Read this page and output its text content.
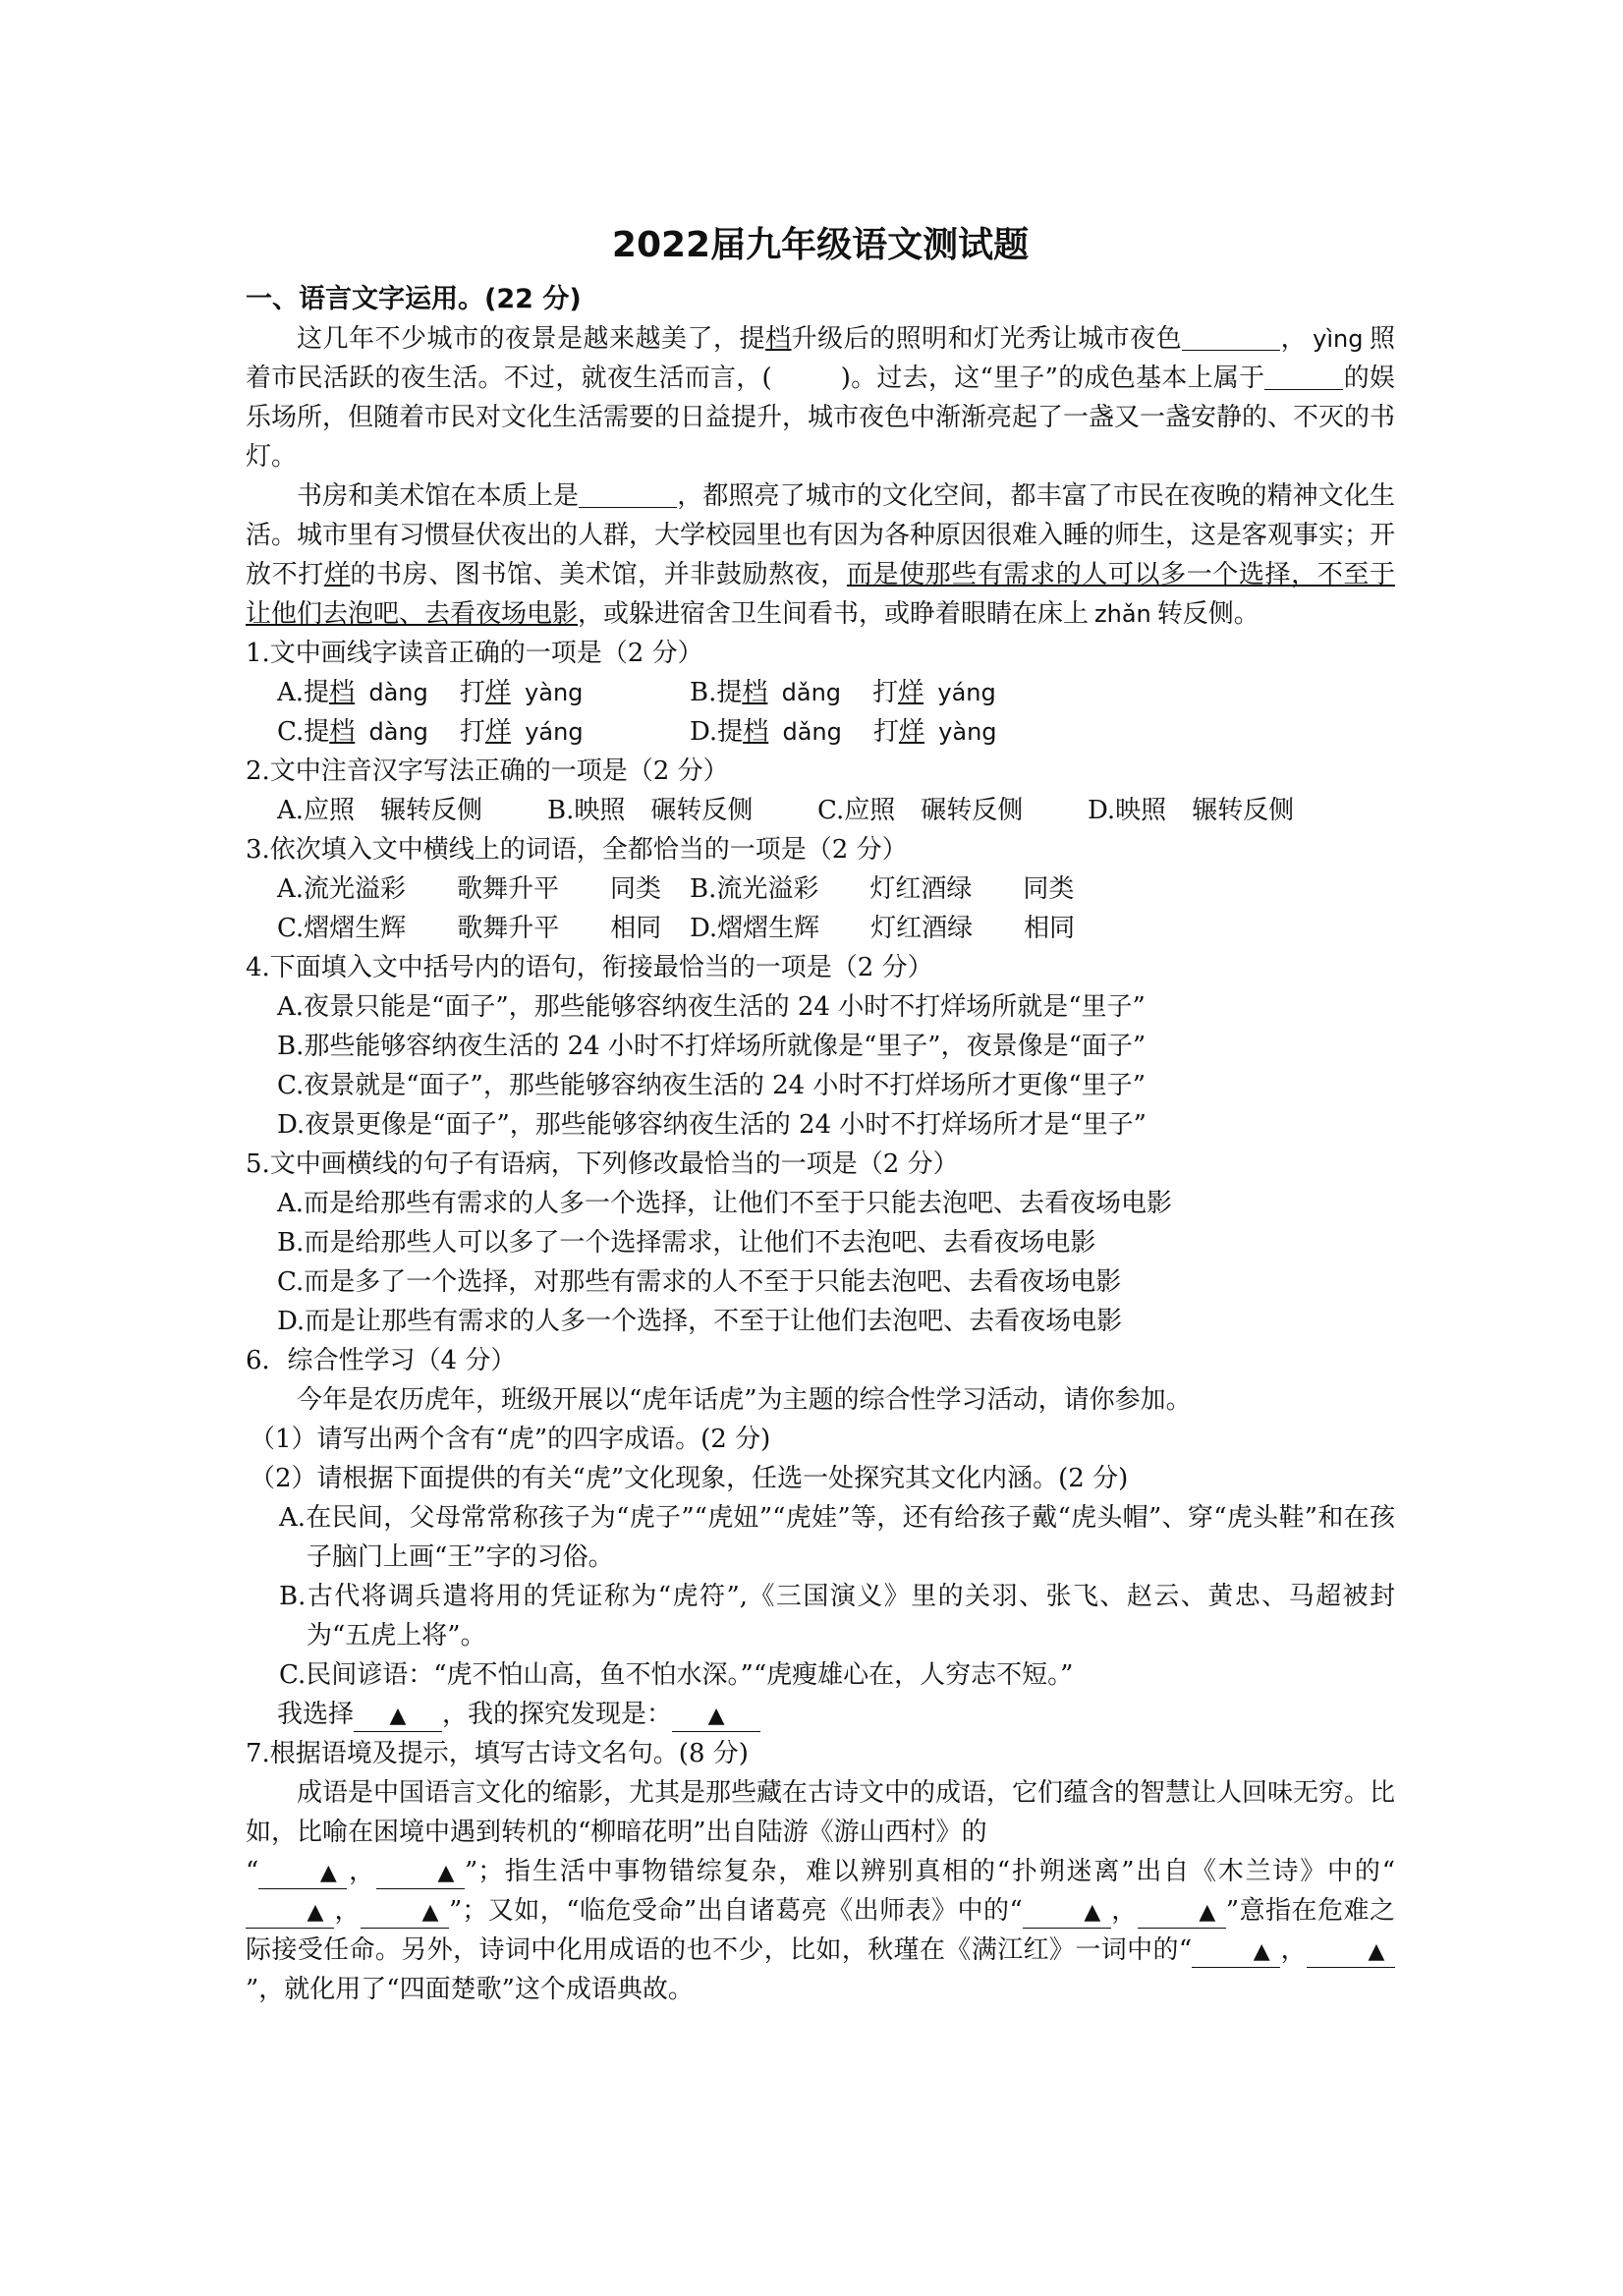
2022届九年级语文测试题
一、语言文字运用。(22 分)

这几年不少城市的夜景是越来越美了，提档升级后的照明和灯光秀让城市夜色	， yìng 照着市民活跃的夜生活。不过，就夜生活而言，(	)。过去，这“里子”的成色基本上属于	的娱乐场所，但随着市民对文化生活需要的日益提升，城市夜色中渐渐亮起了一盏又一盏安静的、不灭的书灯。

书房和美术馆在本质上是	，都照亮了城市的文化空间，都丰富了市民在夜晚的精神文化生活。城市里有习惯昼伏夜出的人群，大学校园里也有因为各种原因很难入睡的师生，这是客观事实；开放不打烊的书房、图书馆、美术馆，并非鼓励熬夜，而是使那些有需求的人可以多一个选择，不至于让他们去泡吧、去看夜场电影，或躲进宿舍卫生间看书，或睁着眼睛在床上 zhǎn 转反侧。

1.文中画线字读音正确的一项是（2 分）

A.提档 dàng　 打烊 yàng	B.提档 dǎng　 打烊 yáng
C.提档 dàng　 打烊 yáng	D.提档 dǎng　 打烊 yàng

2.文中注音汉字写法正确的一项是（2 分）

A.应照　辗转反侧	B.映照　碾转反侧	C.应照　碾转反侧	D.映照　辗转反侧

3.依次填入文中横线上的词语，全都恰当的一项是（2 分）

A.流光溢彩　　歌舞升平　　同类	B.流光溢彩　　灯红酒绿　　同类
C.熠熠生辉　　歌舞升平　　相同	D.熠熠生辉　　灯红酒绿　　相同

4.下面填入文中括号内的语句，衔接最恰当的一项是（2 分）

A.夜景只能是“面子”，那些能够容纳夜生活的 24 小时不打烊场所就是“里子”
B.那些能够容纳夜生活的 24 小时不打烊场所就像是“里子”，夜景像是“面子”
C.夜景就是“面子”，那些能够容纳夜生活的 24 小时不打烊场所才更像“里子”
D.夜景更像是“面子”，那些能够容纳夜生活的 24 小时不打烊场所才是“里子”

5.文中画横线的句子有语病，下列修改最恰当的一项是（2 分）

A.而是给那些有需求的人多一个选择，让他们不至于只能去泡吧、去看夜场电影
B.而是给那些人可以多了一个选择需求，让他们不去泡吧、去看夜场电影
C.而是多了一个选择，对那些有需求的人不至于只能去泡吧、去看夜场电影
D.而是让那些有需求的人多一个选择，不至于让他们去泡吧、去看夜场电影

6．综合性学习（4 分）

今年是农历虎年，班级开展以“虎年话虎”为主题的综合性学习活动，请你参加。

（1）请写出两个含有“虎”的四字成语。(2 分)

（2）请根据下面提供的有关“虎”文化现象，任选一处探究其文化内涵。(2 分)

A.在民间，父母常常称孩子为“虎子”“虎妞”“虎娃”等，还有给孩子戴“虎头帽”、穿“虎头鞋”和在孩子脑门上画“王”字的习俗。

B.古代将调兵遣将用的凭证称为“虎符”,《三国演义》里的关羽、张飞、赵云、黄忠、马超被封为“五虎上将”。

C.民间谚语：“虎不怕山高，鱼不怕水深。”“虎瘦雄心在，人穷志不短。”

我选择 ▲ ，我的探究发现是： ▲

7.根据语境及提示，填写古诗文名句。(8 分)

成语是中国语言文化的缩影，尤其是那些藏在古诗文中的成语，它们蕴含的智慧让人回味无穷。比如，比喻在困境中遇到转机的“柳暗花明”出自陆游《游山西村》的
“	▲ ，	▲ ”；指生活中事物错综复杂，难以辨别真相的“扑朔迷离”出自《木兰诗》中的“▲ ，	▲ ”；又如，“临危受命”出自诸葛亮《出师表》中的“	▲ ，	▲ ”意指在危难之际接受任命。另外，诗词中化用成语的也不少，比如，秋瑾在《满江红》一词中的“	▲ ，	▲”，就化用了“四面楚歌”这个成语典故。
